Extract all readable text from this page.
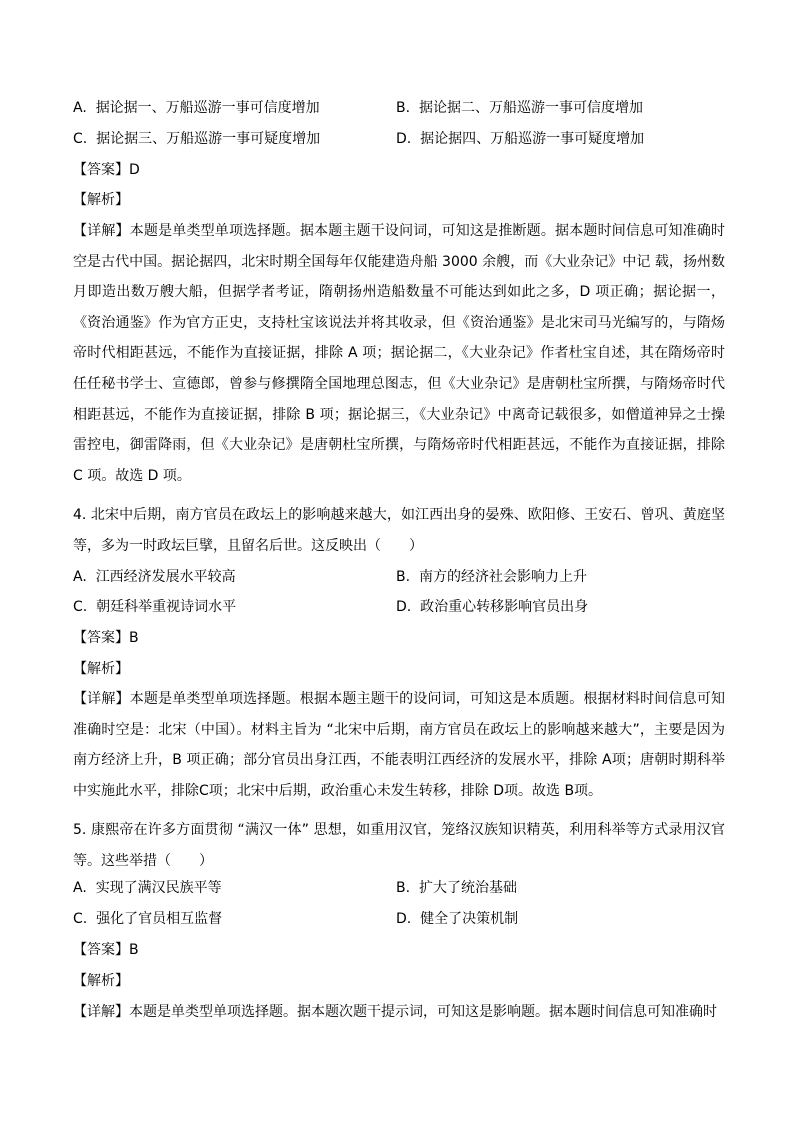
A. 据论据一、万船巡游一事可信度增加	B. 据论据二、万船巡游一事可信度增加
C. 据论据三、万船巡游一事可疑度增加	D. 据论据四、万船巡游一事可疑度增加
【答案】D
【解析】
【详解】本题是单类型单项选择题。据本题主题干设问词，可知这是推断题。据本题时间信息可知准确时空是古代中国。据论据四，北宋时期全国每年仅能建造舟船 3000 余艘，而《大业杂记》中记 载，扬州数月即造出数万艘大船，但据学者考证，隋朝扬州造船数量不可能达到如此之多，D 项正确；据论据一，《资治通鉴》作为官方正史，支持杜宝该说法并将其收录，但《资治通鉴》是北宋司马光编写的，与隋炀帝时代相距甚远，不能作为直接证据，排除 A 项；据论据二，《大业杂记》作者杜宝自述，其在隋炀帝时任任秘书学士、宣德郎，曾参与修撰隋全国地理总图志，但《大业杂记》是唐朝杜宝所撰，与隋炀帝时代相距甚远，不能作为直接证据，排除 B 项；据论据三，《大业杂记》中离奇记载很多，如僧道神异之士操雷控电，御雷降雨，但《大业杂记》是唐朝杜宝所撰，与隋炀帝时代相距甚远，不能作为直接证据，排除 C 项。故选 D 项。
4. 北宋中后期，南方官员在政坛上的影响越来越大，如江西出身的晏殊、欧阳修、王安石、曾巩、黄庭坚等，多为一时政坛巨擘，且留名后世。这反映出（　　）
A. 江西经济发展水平较高	B. 南方的经济社会影响力上升
C. 朝廷科举重视诗词水平	D. 政治重心转移影响官员出身
【答案】B
【解析】
【详解】本题是单类型单项选择题。根据本题主题干的设问词，可知这是本质题。根据材料时间信息可知准确时空是：北宋（中国）。材料主旨为 “北宋中后期，南方官员在政坛上的影响越来越大”，主要是因为南方经济上升，B 项正确；部分官员出身江西，不能表明江西经济的发展水平，排除 A项；唐朝时期科举中实施此水平，排除C项；北宋中后期，政治重心未发生转移，排除 D项。故选 B项。
5. 康熙帝在许多方面贯彻 “满汉一体” 思想，如重用汉官，笼络汉族知识精英，利用科举等方式录用汉官等。这些举措（　　）
A. 实现了满汉民族平等	B. 扩大了统治基础
C. 强化了官员相互监督	D. 健全了决策机制
【答案】B
【解析】
【详解】本题是单类型单项选择题。据本题次题干提示词，可知这是影响题。据本题时间信息可知准确时
